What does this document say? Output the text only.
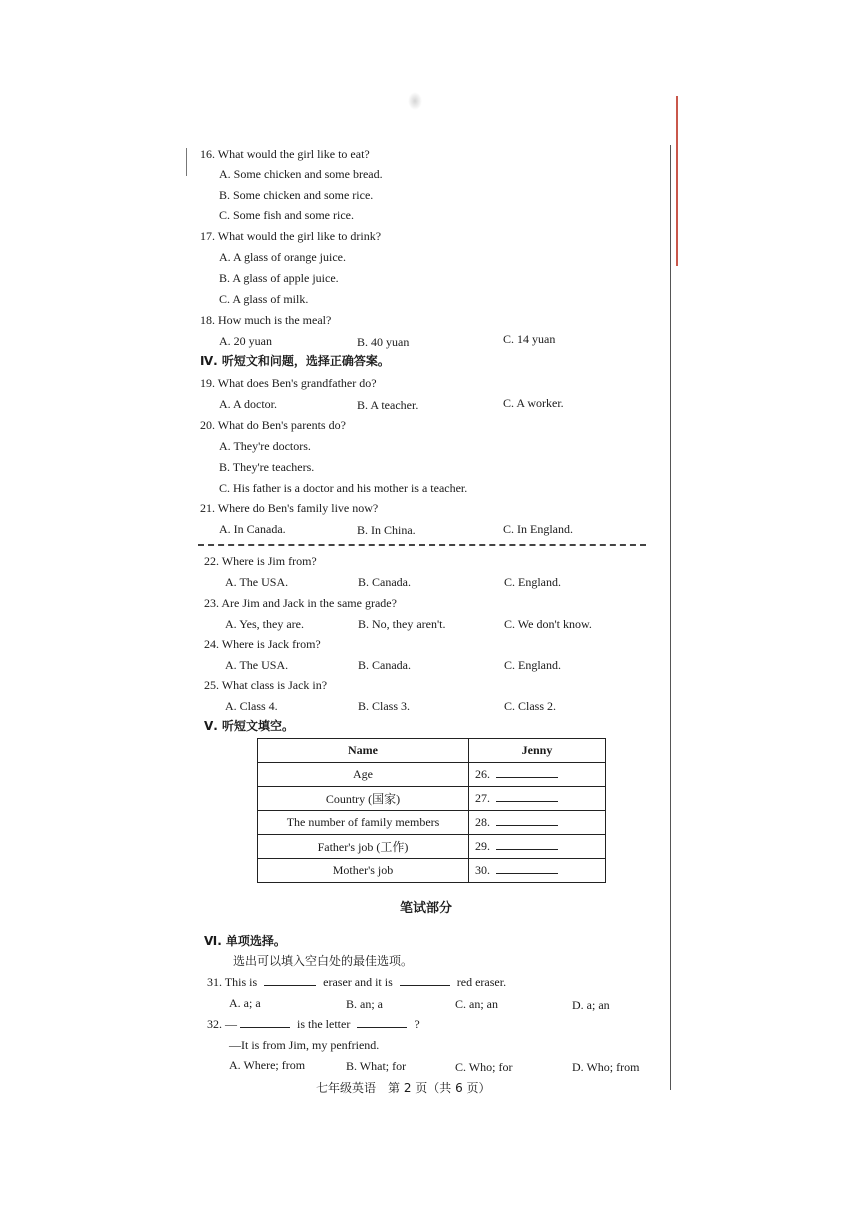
16. What would the girl like to eat?
A. Some chicken and some bread.
B. Some chicken and some rice.
C. Some fish and some rice.
17. What would the girl like to drink?
A. A glass of orange juice.
B. A glass of apple juice.
C. A glass of milk.
18. How much is the meal?
A. 20 yuan	B. 40 yuan	C. 14 yuan
Ⅳ. 听短文和问题，选择正确答案。
19. What does Ben's grandfather do?
A. A doctor.	B. A teacher.	C. A worker.
20. What do Ben's parents do?
A. They're doctors.
B. They're teachers.
C. His father is a doctor and his mother is a teacher.
21. Where do Ben's family live now?
A. In Canada.	B. In China.	C. In England.
22. Where is Jim from?
A. The USA.	B. Canada.	C. England.
23. Are Jim and Jack in the same grade?
A. Yes, they are.	B. No, they aren't.	C. We don't know.
24. Where is Jack from?
A. The USA.	B. Canada.	C. England.
25. What class is Jack in?
A. Class 4.	B. Class 3.	C. Class 2.
Ⅴ. 听短文填空。
Name	Jenny
Age	26.
Country (国家)	27.
The number of family members	28.
Father's job (工作)	29.
Mother's job	30.
笔试部分
Ⅵ. 单项选择。
选出可以填入空白处的最佳选项。
31. This is	eraser and it is	red eraser.
A. a; a	B. an; a	C. an; an	D. a; an
32. —	is the letter	?
—It is from Jim, my penfriend.
A. Where; from	B. What; for	C. Who; for	D. Who; from
七年级英语　第 2 页（共 6 页）
